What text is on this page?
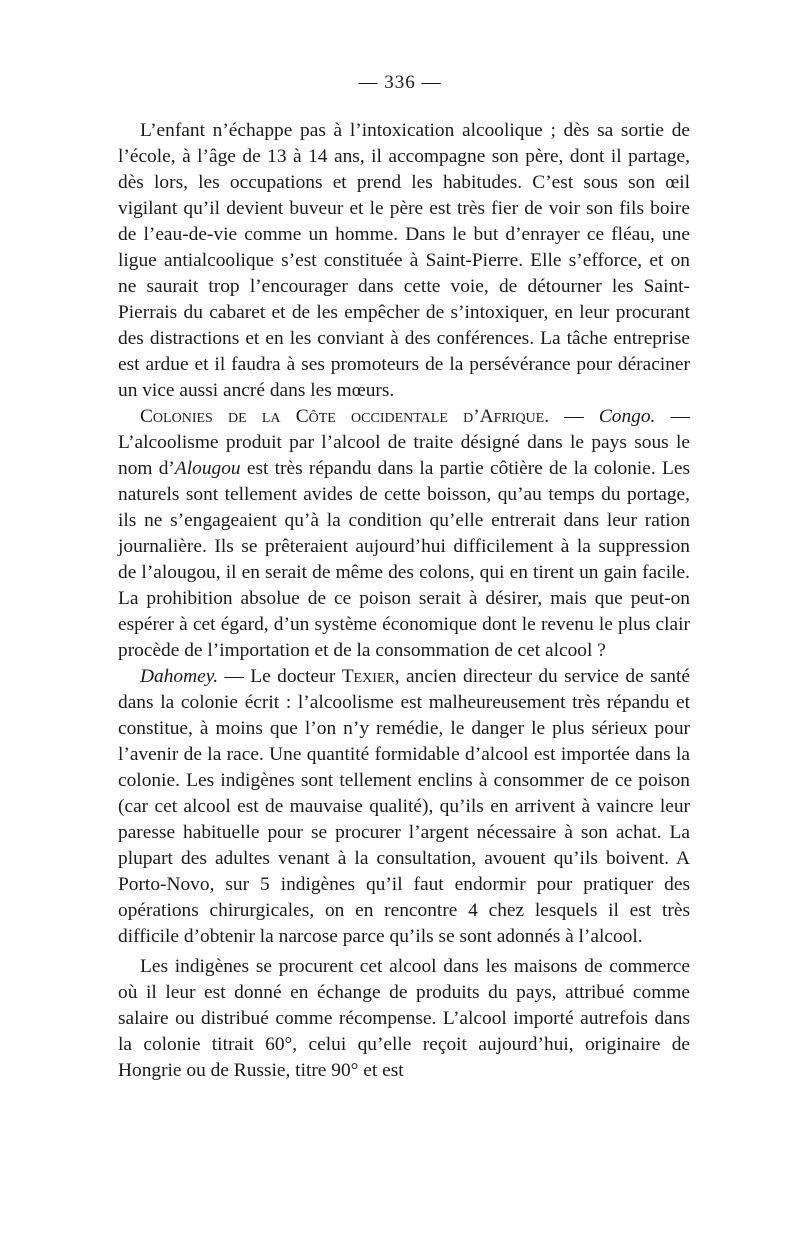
— 336 —

L’enfant n’échappe pas à l’intoxication alcoolique ; dès sa sortie de l’école, à l’âge de 13 à 14 ans, il accompagne son père, dont il partage, dès lors, les occupations et prend les habitudes. C’est sous son œil vigilant qu’il devient buveur et le père est très fier de voir son fils boire de l’eau-de-vie comme un homme. Dans le but d’enrayer ce fléau, une ligue antialcoolique s’est constituée à Saint-Pierre. Elle s’efforce, et on ne saurait trop l’encourager dans cette voie, de détourner les Saint-Pierrais du cabaret et de les empêcher de s’intoxiquer, en leur procurant des distractions et en les conviant à des conférences. La tâche entreprise est ardue et il faudra à ses promoteurs de la persévérance pour déraciner un vice aussi ancré dans les mœurs.

Colonies de la Côte occidentale d’Afrique. — Congo. — L’alcoolisme produit par l’alcool de traite désigné dans le pays sous le nom d’Alougou est très répandu dans la partie côtière de la colonie. Les naturels sont tellement avides de cette boisson, qu’au temps du portage, ils ne s’engageaient qu’à la condition qu’elle entrerait dans leur ration journalière. Ils se prêteraient aujourd’hui difficilement à la suppression de l’alougou, il en serait de même des colons, qui en tirent un gain facile. La prohibition absolue de ce poison serait à désirer, mais que peut-on espérer à cet égard, d’un système économique dont le revenu le plus clair procède de l’importation et de la consommation de cet alcool ?

Dahomey. — Le docteur Texier, ancien directeur du service de santé dans la colonie écrit : l’alcoolisme est malheureusement très répandu et constitue, à moins que l’on n’y remédie, le danger le plus sérieux pour l’avenir de la race. Une quantité formidable d’alcool est importée dans la colonie. Les indigènes sont tellement enclins à consommer de ce poison (car cet alcool est de mauvaise qualité), qu’ils en arrivent à vaincre leur paresse habituelle pour se procurer l’argent nécessaire à son achat. La plupart des adultes venant à la consultation, avouent qu’ils boivent. A Porto-Novo, sur 5 indigènes qu’il faut endormir pour pratiquer des opérations chirurgicales, on en rencontre 4 chez lesquels il est très difficile d’obtenir la narcose parce qu’ils se sont adonnés à l’alcool.

Les indigènes se procurent cet alcool dans les maisons de commerce où il leur est donné en échange de produits du pays, attribué comme salaire ou distribué comme récompense. L’alcool importé autrefois dans la colonie titrait 60°, celui qu’elle reçoit aujourd’hui, originaire de Hongrie ou de Russie, titre 90° et est
